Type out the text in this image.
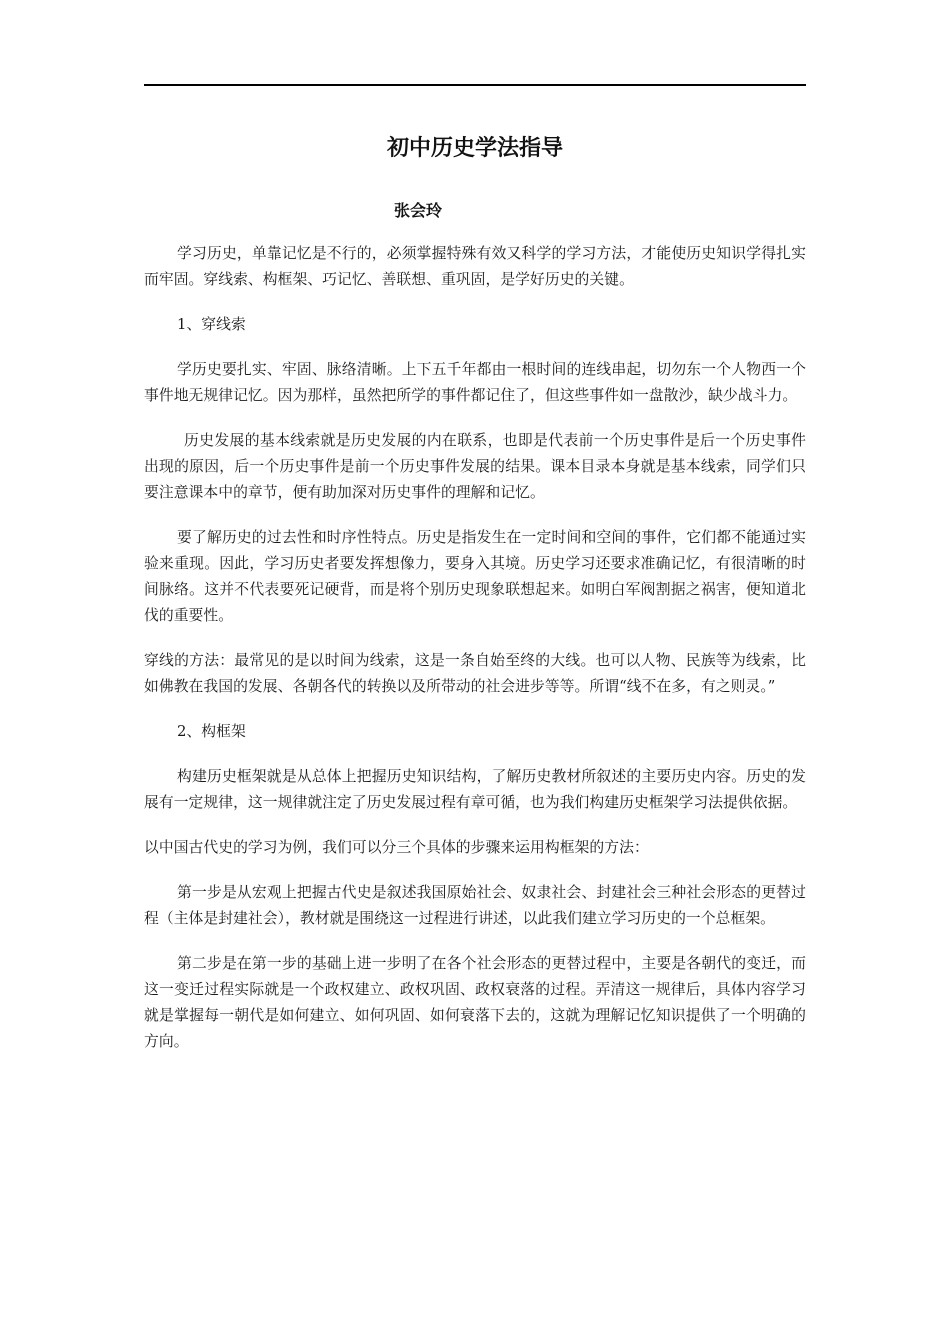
初中历史学法指导
张会玲

学习历史，单靠记忆是不行的，必须掌握特殊有效又科学的学习方法，才能使历史知识学得扎实而牢固。穿线索、构框架、巧记忆、善联想、重巩固，是学好历史的关键。

1、穿线索

学历史要扎实、牢固、脉络清晰。上下五千年都由一根时间的连线串起，切勿东一个人物西一个事件地无规律记忆。因为那样，虽然把所学的事件都记住了，但这些事件如一盘散沙，缺少战斗力。

历史发展的基本线索就是历史发展的内在联系，也即是代表前一个历史事件是后一个历史事件出现的原因，后一个历史事件是前一个历史事件发展的结果。课本目录本身就是基本线索，同学们只要注意课本中的章节，便有助加深对历史事件的理解和记忆。

要了解历史的过去性和时序性特点。历史是指发生在一定时间和空间的事件，它们都不能通过实验来重现。因此，学习历史者要发挥想像力，要身入其境。历史学习还要求准确记忆，有很清晰的时间脉络。这并不代表要死记硬背，而是将个别历史现象联想起来。如明白军阀割据之祸害，便知道北伐的重要性。

穿线的方法：最常见的是以时间为线索，这是一条自始至终的大线。也可以人物、民族等为线索，比如佛教在我国的发展、各朝各代的转换以及所带动的社会进步等等。所谓“线不在多，有之则灵。”

2、构框架

构建历史框架就是从总体上把握历史知识结构，了解历史教材所叙述的主要历史内容。历史的发展有一定规律，这一规律就注定了历史发展过程有章可循，也为我们构建历史框架学习法提供依据。

以中国古代史的学习为例，我们可以分三个具体的步骤来运用构框架的方法：

第一步是从宏观上把握古代史是叙述我国原始社会、奴隶社会、封建社会三种社会形态的更替过程（主体是封建社会），教材就是围绕这一过程进行讲述，以此我们建立学习历史的一个总框架。

第二步是在第一步的基础上进一步明了在各个社会形态的更替过程中，主要是各朝代的变迁，而这一变迁过程实际就是一个政权建立、政权巩固、政权衰落的过程。弄清这一规律后，具体内容学习就是掌握每一朝代是如何建立、如何巩固、如何衰落下去的，这就为理解记忆知识提供了一个明确的方向。
